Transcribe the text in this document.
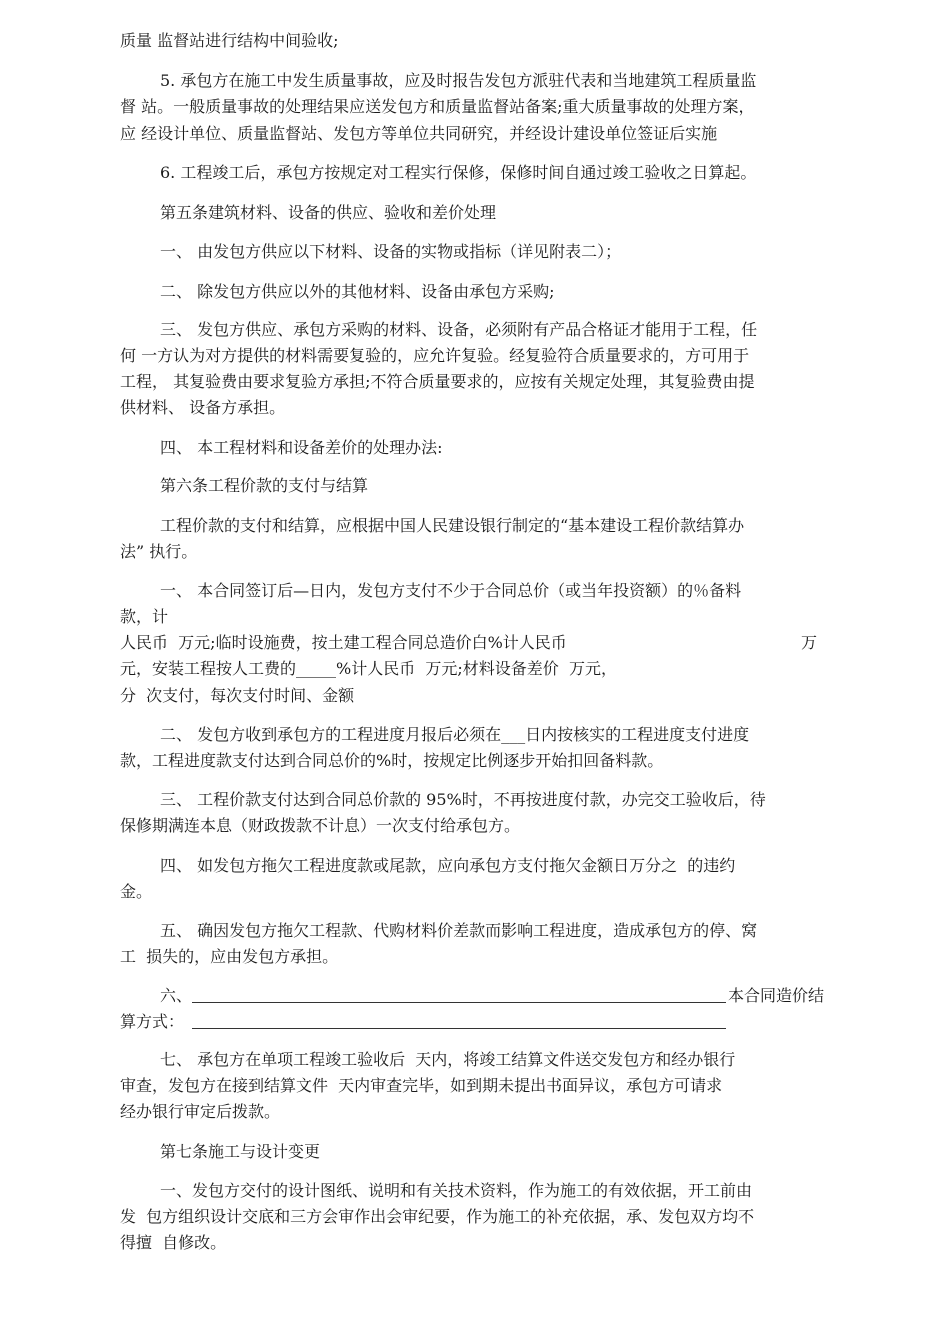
质量 监督站进行结构中间验收;
5. 承包方在施工中发生质量事故，应及时报告发包方派驻代表和当地建筑工程质量监
督 站。一般质量事故的处理结果应送发包方和质量监督站备案;重大质量事故的处理方案，
应 经设计单位、质量监督站、发包方等单位共同研究，并经设计建设单位签证后实施
6. 工程竣工后，承包方按规定对工程实行保修，保修时间自通过竣工验收之日算起。
第五条建筑材料、设备的供应、验收和差价处理
一、 由发包方供应以下材料、设备的实物或指标（详见附表二）；
二、 除发包方供应以外的其他材料、设备由承包方采购;
三、 发包方供应、承包方采购的材料、设备，必须附有产品合格证才能用于工程，任
何 一方认为对方提供的材料需要复验的，应允许复验。经复验符合质量要求的，方可用于
工程， 其复验费由要求复验方承担;不符合质量要求的，应按有关规定处理，其复验费由提
供材料、 设备方承担。
四、 本工程材料和设备差价的处理办法:
第六条工程价款的支付与结算
工程价款的支付和结算，应根据中国人民建设银行制定的“基本建设工程价款结算办
法” 执行。
一、 本合同签订后—日内，发包方支付不少于合同总价（或当年投资额）的％备料
款，计
人民币  万元;临时设施费，按土建工程合同总造价白%计人民币	万
元，安装工程按人工费的_____%计人民币  万元;材料设备差价  万元，
分  次支付，每次支付时间、金额
二、 发包方收到承包方的工程进度月报后必须在___日内按核实的工程进度支付进度
款，工程进度款支付达到合同总价的%时，按规定比例逐步开始扣回备料款。
三、 工程价款支付达到合同总价款的 95%时，不再按进度付款，办完交工验收后，待
保修期满连本息（财政拨款不计息）一次支付给承包方。
四、 如发包方拖欠工程进度款或尾款，应向承包方支付拖欠金额日万分之  的违约
金。
五、 确因发包方拖欠工程款、代购材料价差款而影响工程进度，造成承包方的停、窝
工  损失的，应由发包方承担。
六、	本合同造价结
算方式：
七、 承包方在单项工程竣工验收后  天内，将竣工结算文件送交发包方和经办银行
审查，发包方在接到结算文件  天内审查完毕，如到期未提出书面异议，承包方可请求
经办银行审定后拨款。
第七条施工与设计变更
一、发包方交付的设计图纸、说明和有关技术资料，作为施工的有效依据，开工前由
发  包方组织设计交底和三方会审作出会审纪要，作为施工的补充依据，承、发包双方均不
得擅  自修改。
